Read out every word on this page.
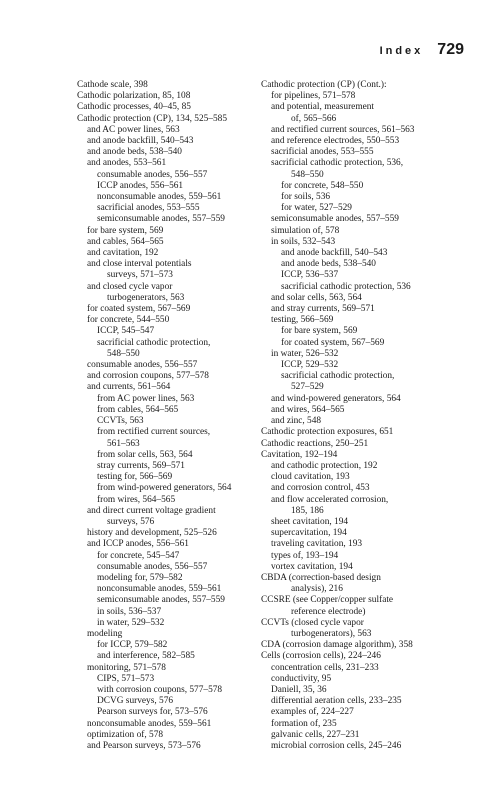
Index 729
Cathode scale, 398
Cathodic polarization, 85, 108
Cathodic processes, 40–45, 85
Cathodic protection (CP), 134, 525–585
and AC power lines, 563
and anode backfill, 540–543
and anode beds, 538–540
and anodes, 553–561
consumable anodes, 556–557
ICCP anodes, 556–561
nonconsumable anodes, 559–561
sacrificial anodes, 553–555
semiconsumable anodes, 557–559
for bare system, 569
and cables, 564–565
and cavitation, 192
and close interval potentials
surveys, 571–573
and closed cycle vapor
turbogenerators, 563
for coated system, 567–569
for concrete, 544–550
ICCP, 545–547
sacrificial cathodic protection,
548–550
consumable anodes, 556–557
and corrosion coupons, 577–578
and currents, 561–564
from AC power lines, 563
from cables, 564–565
CCVTs, 563
from rectified current sources,
561–563
from solar cells, 563, 564
stray currents, 569–571
testing for, 566–569
from wind-powered generators, 564
from wires, 564–565
and direct current voltage gradient
surveys, 576
history and development, 525–526
and ICCP anodes, 556–561
for concrete, 545–547
consumable anodes, 556–557
modeling for, 579–582
nonconsumable anodes, 559–561
semiconsumable anodes, 557–559
in soils, 536–537
in water, 529–532
modeling
for ICCP, 579–582
and interference, 582–585
monitoring, 571–578
CIPS, 571–573
with corrosion coupons, 577–578
DCVG surveys, 576
Pearson surveys for, 573–576
nonconsumable anodes, 559–561
optimization of, 578
and Pearson surveys, 573–576
Cathodic protection (CP) (Cont.):
for pipelines, 571–578
and potential, measurement
of, 565–566
and rectified current sources, 561–563
and reference electrodes, 550–553
sacrificial anodes, 553–555
sacrificial cathodic protection, 536,
548–550
for concrete, 548–550
for soils, 536
for water, 527–529
semiconsumable anodes, 557–559
simulation of, 578
in soils, 532–543
and anode backfill, 540–543
and anode beds, 538–540
ICCP, 536–537
sacrificial cathodic protection, 536
and solar cells, 563, 564
and stray currents, 569–571
testing, 566–569
for bare system, 569
for coated system, 567–569
in water, 526–532
ICCP, 529–532
sacrificial cathodic protection,
527–529
and wind-powered generators, 564
and wires, 564–565
and zinc, 548
Cathodic protection exposures, 651
Cathodic reactions, 250–251
Cavitation, 192–194
and cathodic protection, 192
cloud cavitation, 193
and corrosion control, 453
and flow accelerated corrosion,
185, 186
sheet cavitation, 194
supercavitation, 194
traveling cavitation, 193
types of, 193–194
vortex cavitation, 194
CBDA (correction-based design
analysis), 216
CCSRE (see Copper/copper sulfate
reference electrode)
CCVTs (closed cycle vapor
turbogenerators), 563
CDA (corrosion damage algorithm), 358
Cells (corrosion cells), 224–246
concentration cells, 231–233
conductivity, 95
Daniell, 35, 36
differential aeration cells, 233–235
examples of, 224–227
formation of, 235
galvanic cells, 227–231
microbial corrosion cells, 245–246
